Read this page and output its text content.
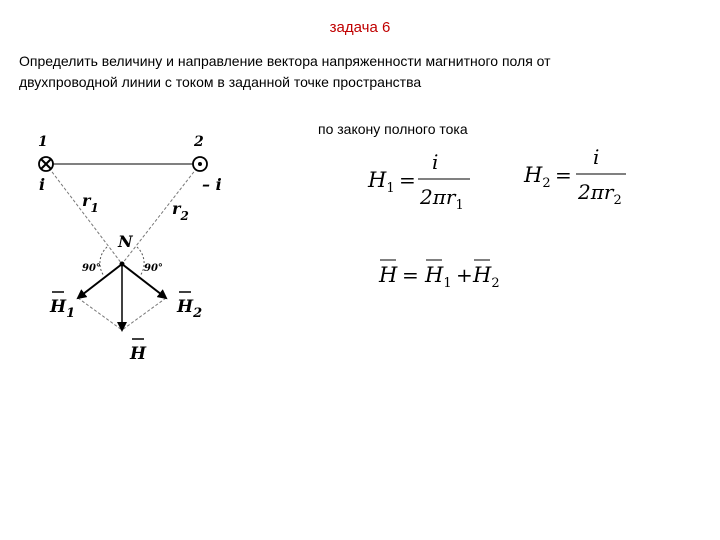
задача 6
Определить величину и направление вектора напряженности магнитного поля от
двухпроводной линии с током в заданной точке пространства
по закону полного тока
1	2
i	– i
$r_1$	$r_2$
N
90°	90°
$H_1$	$H_2$
H
$H_1$ =
i
$2\pi r_1$
$H_2$ =
i
$2\pi r_2$
$H = H_1 + H_2$
